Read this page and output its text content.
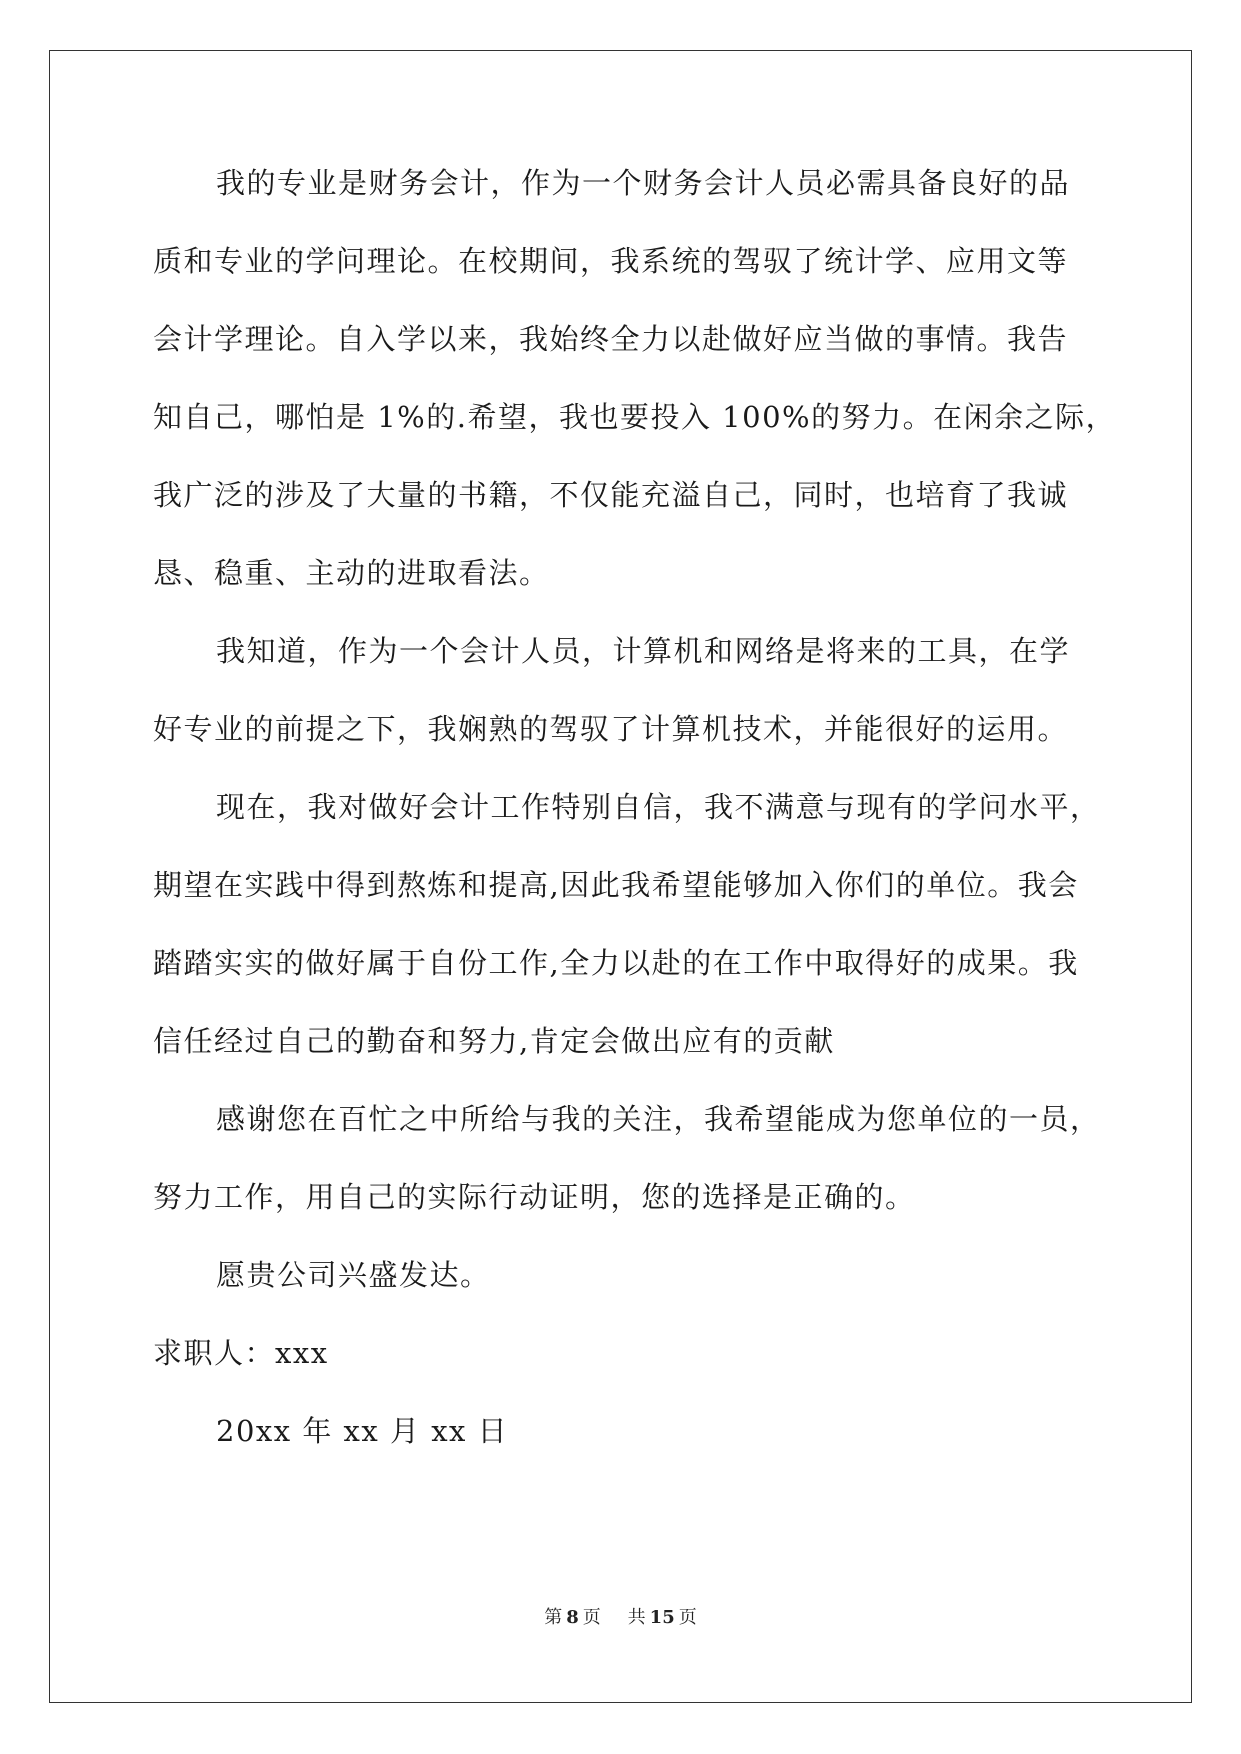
我的专业是财务会计，作为一个财务会计人员必需具备良好的品
质和专业的学问理论。在校期间，我系统的驾驭了统计学、应用文等
会计学理论。自入学以来，我始终全力以赴做好应当做的事情。我告
知自己，哪怕是 1%的.希望，我也要投入 100%的努力。在闲余之际，
我广泛的涉及了大量的书籍，不仅能充溢自己，同时，也培育了我诚
恳、稳重、主动的进取看法。
我知道，作为一个会计人员，计算机和网络是将来的工具，在学
好专业的前提之下，我娴熟的驾驭了计算机技术，并能很好的运用。
现在，我对做好会计工作特别自信，我不满意与现有的学问水平，
期望在实践中得到熬炼和提高,因此我希望能够加入你们的单位。我会
踏踏实实的做好属于自份工作,全力以赴的在工作中取得好的成果。我
信任经过自己的勤奋和努力,肯定会做出应有的贡献
感谢您在百忙之中所给与我的关注，我希望能成为您单位的一员，
努力工作，用自己的实际行动证明，您的选择是正确的。
愿贵公司兴盛发达。
求职人：xxx
20xx 年 xx 月 xx 日
第 8 页 共 15 页
